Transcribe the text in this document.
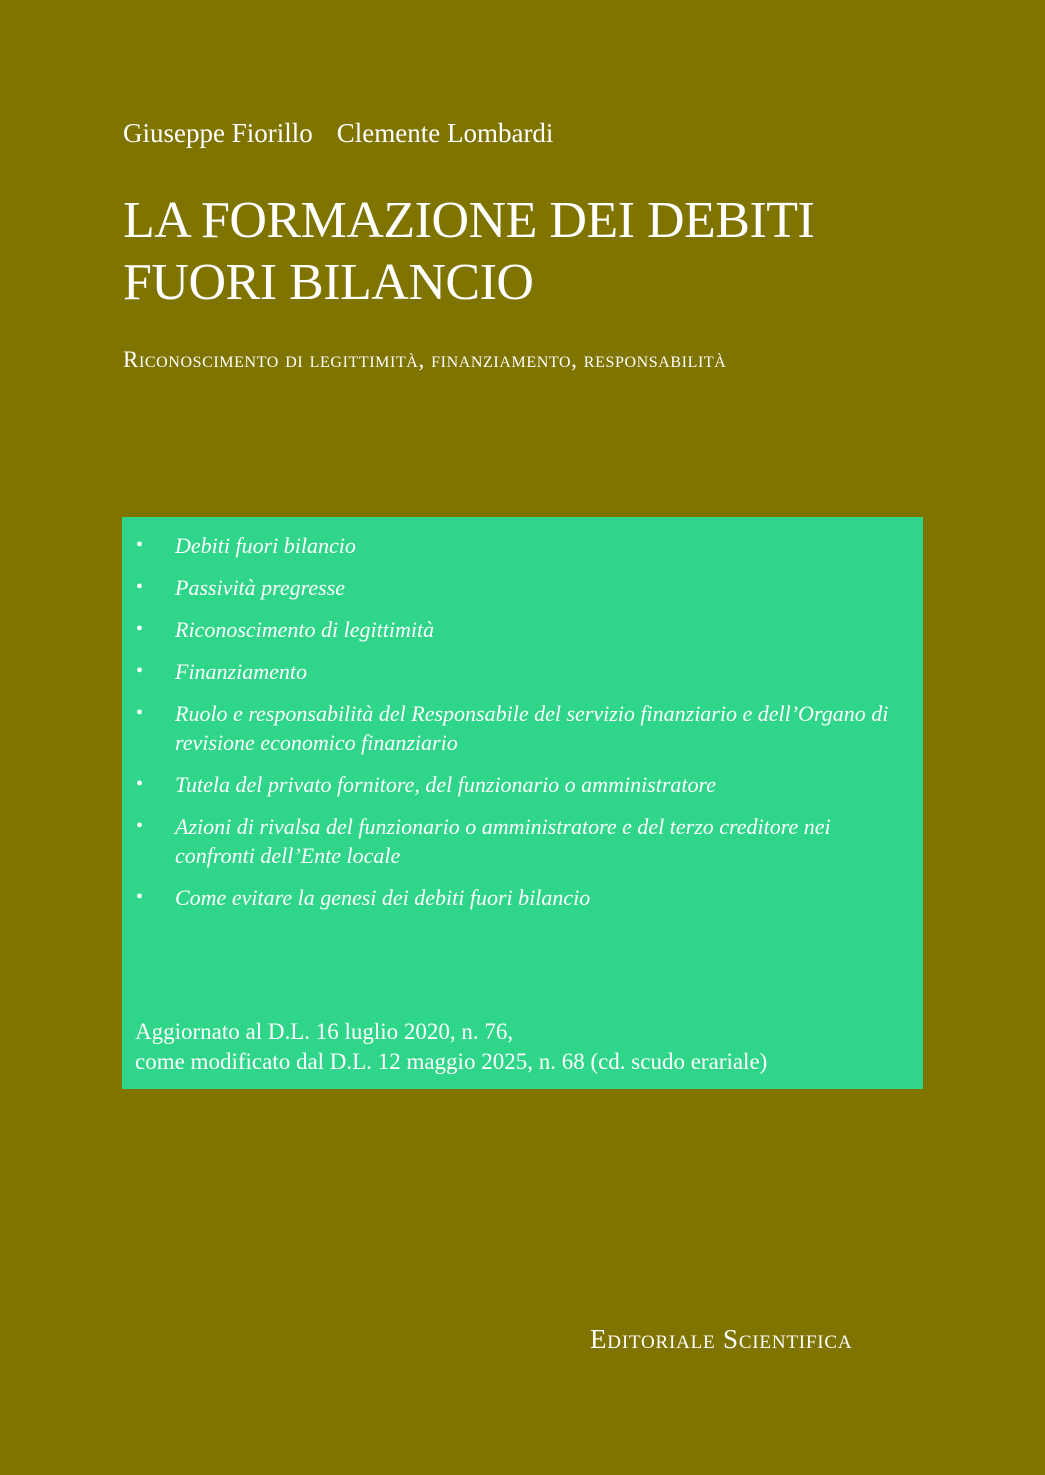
Giuseppe Fiorillo Clemente Lombardi
LA FORMAZIONE DEI DEBITI
FUORI BILANCIO
Riconoscimento di legittimità, finanziamento, responsabilità
• Debiti fuori bilancio
• Passività pregresse
• Riconoscimento di legittimità
• Finanziamento
• Ruolo e responsabilità del Responsabile del servizio finanziario e dell’Organo di revisione economico finanziario
• Tutela del privato fornitore, del funzionario o amministratore
• Azioni di rivalsa del funzionario o amministratore e del terzo creditore nei confronti dell’Ente locale
• Come evitare la genesi dei debiti fuori bilancio
Aggiornato al D.L. 16 luglio 2020, n. 76,
come modificato dal D.L. 12 maggio 2025, n. 68 (cd. scudo erariale)
Editoriale Scientifica
